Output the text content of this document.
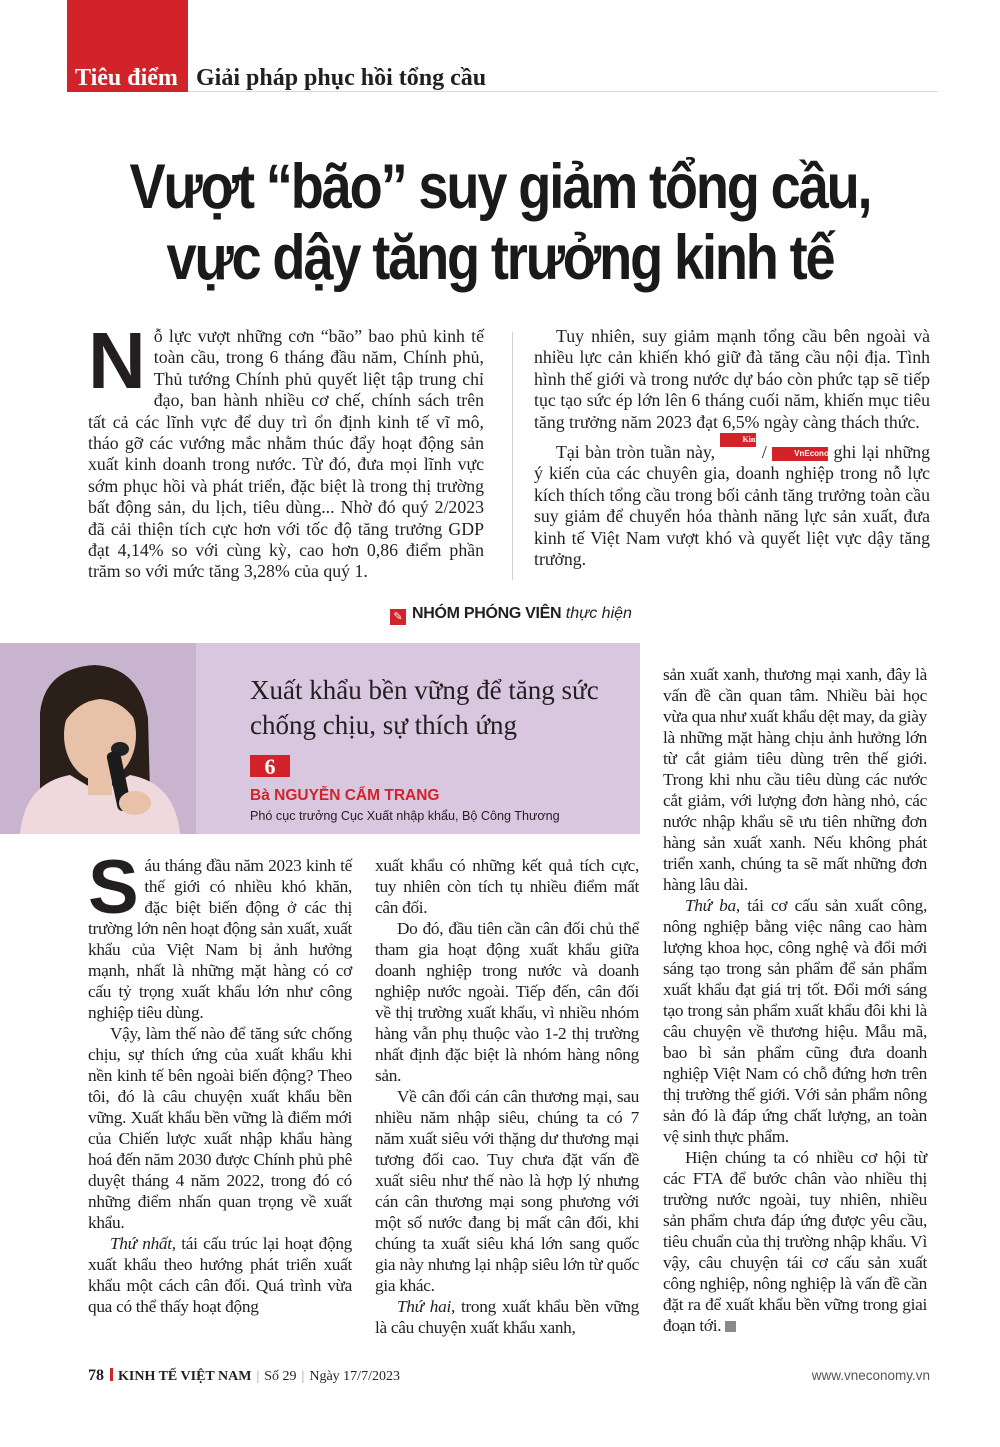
Tiêu điểm Giải pháp phục hồi tổng cầu
Vượt “bão” suy giảm tổng cầu,
vực dậy tăng trưởng kinh tế

Nỗ lực vượt những cơn “bão” bao phủ kinh tế toàn cầu, trong 6 tháng đầu năm, Chính phủ, Thủ tướng Chính phủ quyết liệt tập trung chỉ đạo, ban hành nhiều cơ chế, chính sách trên tất cả các lĩnh vực để duy trì ổn định kinh tế vĩ mô, tháo gỡ các vướng mắc nhằm thúc đẩy hoạt động sản xuất kinh doanh trong nước. Từ đó, đưa mọi lĩnh vực sớm phục hồi và phát triển, đặc biệt là trong thị trường bất động sản, du lịch, tiêu dùng... Nhờ đó quý 2/2023 đã cải thiện tích cực hơn với tốc độ tăng trưởng GDP đạt 4,14% so với cùng kỳ, cao hơn 0,86 điểm phần trăm so với mức tăng 3,28% của quý 1.

Tuy nhiên, suy giảm mạnh tổng cầu bên ngoài và nhiều lực cản khiến khó giữ đà tăng cầu nội địa. Tình hình thế giới và trong nước dự báo còn phức tạp sẽ tiếp tục tạo sức ép lớn lên 6 tháng cuối năm, khiến mục tiêu tăng trưởng năm 2023 đạt 6,5% ngày càng thách thức.

Tại bàn tròn tuần này, Kinh tế /	VnEconomy ghi lại những ý kiến của các chuyên gia, doanh nghiệp trong nỗ lực kích thích tổng cầu trong bối cảnh tăng trưởng toàn cầu suy giảm để chuyển hóa thành năng lực sản xuất, đưa kinh tế Việt Nam vượt khó và quyết liệt vực dậy tăng trưởng.

✎ NHÓM PHÓNG VIÊN thực hiện
Xuất khẩu bền vững để tăng sức chống chịu, sự thích ứng
6
Bà NGUYỄN CẨM TRANG
Phó cục trưởng Cục Xuất nhập khẩu, Bộ Công Thương

Sáu tháng đầu năm 2023 kinh tế thế giới có nhiều khó khăn, đặc biệt biến động ở các thị trường lớn nên hoạt động sản xuất, xuất khẩu của Việt Nam bị ảnh hưởng mạnh, nhất là những mặt hàng có cơ cấu tỷ trọng xuất khẩu lớn như công nghiệp tiêu dùng.

Vậy, làm thế nào để tăng sức chống chịu, sự thích ứng của xuất khẩu khi nền kinh tế bên ngoài biến động? Theo tôi, đó là câu chuyện xuất khẩu bền vững. Xuất khẩu bền vững là điểm mới của Chiến lược xuất nhập khẩu hàng hoá đến năm 2030 được Chính phủ phê duyệt tháng 4 năm 2022, trong đó có những điểm nhấn quan trọng về xuất khẩu.

Thứ nhất, tái cấu trúc lại hoạt động xuất khẩu theo hướng phát triển xuất khẩu một cách cân đối. Quá trình vừa qua có thể thấy hoạt động

xuất khẩu có những kết quả tích cực, tuy nhiên còn tích tụ nhiều điểm mất cân đối.

Do đó, đầu tiên cần cân đối chủ thể tham gia hoạt động xuất khẩu giữa doanh nghiệp trong nước và doanh nghiệp nước ngoài. Tiếp đến, cân đối về thị trường xuất khẩu, vì nhiều nhóm hàng vẫn phụ thuộc vào 1-2 thị trường nhất định đặc biệt là nhóm hàng nông sản.

Về cân đối cán cân thương mại, sau nhiều năm nhập siêu, chúng ta có 7 năm xuất siêu với thặng dư thương mại tương đối cao. Tuy chưa đặt vấn đề xuất siêu như thế nào là hợp lý nhưng cán cân thương mại song phương với một số nước đang bị mất cân đối, khi chúng ta xuất siêu khá lớn sang quốc gia này nhưng lại nhập siêu lớn từ quốc gia khác.

Thứ hai, trong xuất khẩu bền vững là câu chuyện xuất khẩu xanh,

sản xuất xanh, thương mại xanh, đây là vấn đề cần quan tâm. Nhiều bài học vừa qua như xuất khẩu dệt may, da giày là những mặt hàng chịu ảnh hưởng lớn từ cắt giảm tiêu dùng trên thế giới. Trong khi nhu cầu tiêu dùng các nước cắt giảm, với lượng đơn hàng nhỏ, các nước nhập khẩu sẽ ưu tiên những đơn hàng sản xuất xanh. Nếu không phát triển xanh, chúng ta sẽ mất những đơn hàng lâu dài.

Thứ ba, tái cơ cấu sản xuất công, nông nghiệp bằng việc nâng cao hàm lượng khoa học, công nghệ và đổi mới sáng tạo trong sản phẩm để sản phẩm xuất khẩu đạt giá trị tốt. Đổi mới sáng tạo trong sản phẩm xuất khẩu đôi khi là câu chuyện về thương hiệu. Mẫu mã, bao bì sản phẩm cũng đưa doanh nghiệp Việt Nam có chỗ đứng hơn trên thị trường thế giới. Với sản phẩm nông sản đó là đáp ứng chất lượng, an toàn vệ sinh thực phẩm.

Hiện chúng ta có nhiều cơ hội từ các FTA để bước chân vào nhiều thị trường nước ngoài, tuy nhiên, nhiều sản phẩm chưa đáp ứng được yêu cầu, tiêu chuẩn của thị trường nhập khẩu. Vì vậy, câu chuyện tái cơ cấu sản xuất công nghiệp, nông nghiệp là vấn đề cần đặt ra để xuất khẩu bền vững trong giai đoạn tới.

78 KINH TẾ VIỆT NAM | Số 29 | Ngày 17/7/2023	www.vneconomy.vn
